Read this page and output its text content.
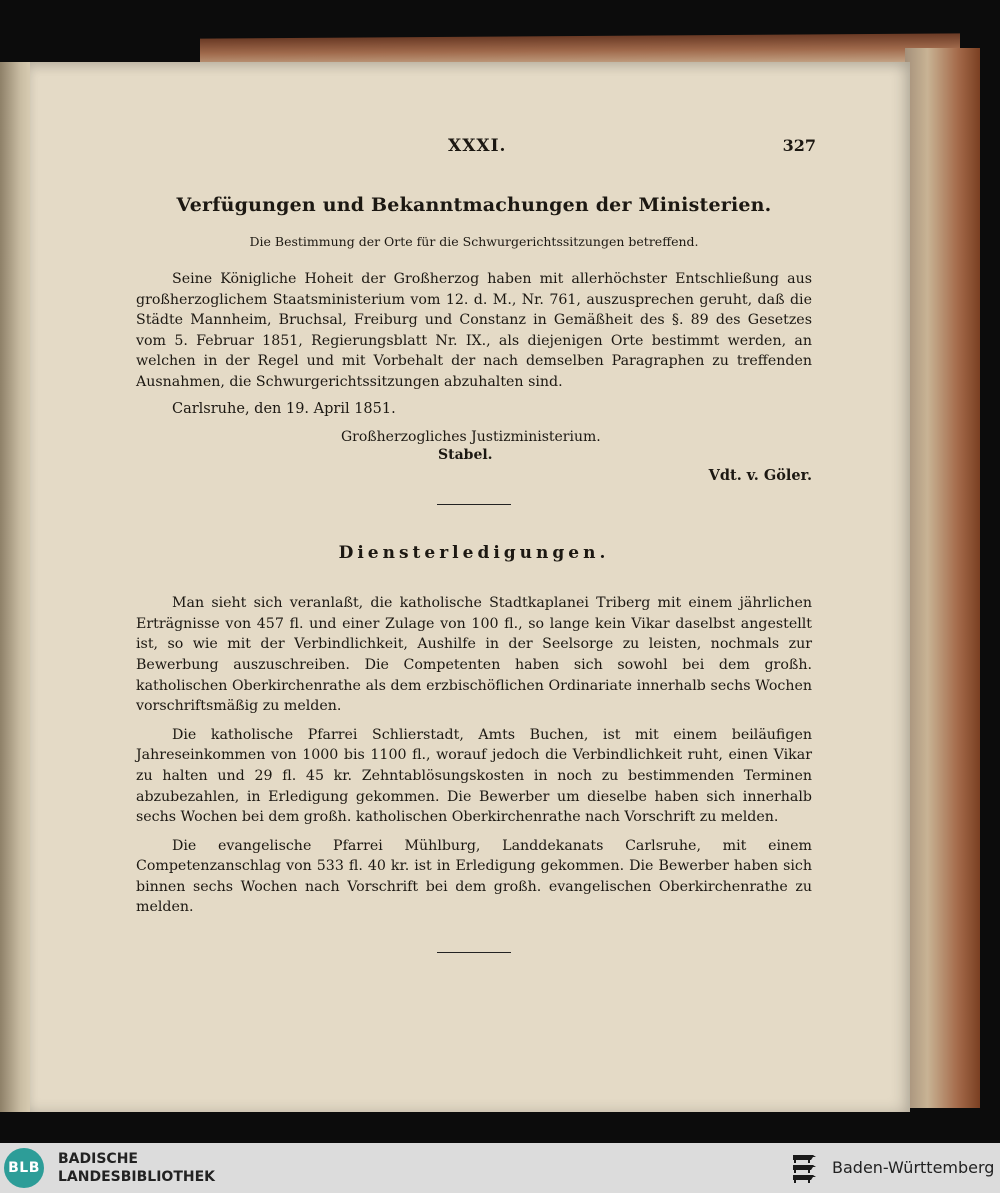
XXXI.	327
Verfügungen und Bekanntmachungen der Ministerien.
Die Bestimmung der Orte für die Schwurgerichtssitzungen betreffend.

Seine Königliche Hoheit der Großherzog haben mit allerhöchster Entschließung aus großherzoglichem Staatsministerium vom 12. d. M., Nr. 761, auszusprechen geruht, daß die Städte Mannheim, Bruchsal, Freiburg und Constanz in Gemäßheit des §. 89 des Gesetzes vom 5. Februar 1851, Regierungsblatt Nr. IX., als diejenigen Orte bestimmt werden, an welchen in der Regel und mit Vorbehalt der nach demselben Paragraphen zu treffenden Ausnahmen, die Schwurgerichtssitzungen abzuhalten sind.

Carlsruhe, den 19. April 1851.

Großherzogliches Justizministerium.
Stabel.
Vdt. v. Göler.
Diensterledigungen.

Man sieht sich veranlaßt, die katholische Stadtkaplanei Triberg mit einem jährlichen Erträgnisse von 457 fl. und einer Zulage von 100 fl., so lange kein Vikar daselbst angestellt ist, so wie mit der Verbindlichkeit, Aushilfe in der Seelsorge zu leisten, nochmals zur Bewerbung auszuschreiben. Die Competenten haben sich sowohl bei dem großh. katholischen Oberkirchenrathe als dem erzbischöflichen Ordinariate innerhalb sechs Wochen vorschriftsmäßig zu melden.

Die katholische Pfarrei Schlierstadt, Amts Buchen, ist mit einem beiläufigen Jahreseinkommen von 1000 bis 1100 fl., worauf jedoch die Verbindlichkeit ruht, einen Vikar zu halten und 29 fl. 45 kr. Zehntablösungskosten in noch zu bestimmenden Terminen abzubezahlen, in Erledigung gekommen. Die Bewerber um dieselbe haben sich innerhalb sechs Wochen bei dem großh. katholischen Oberkirchenrathe nach Vorschrift zu melden.

Die evangelische Pfarrei Mühlburg, Landdekanats Carlsruhe, mit einem Competenzanschlag von 533 fl. 40 kr. ist in Erledigung gekommen. Die Bewerber haben sich binnen sechs Wochen nach Vorschrift bei dem großh. evangelischen Oberkirchenrathe zu melden.

BLB
BADISCHE
LANDESBIBLIOTHEK	Baden-Württemberg
